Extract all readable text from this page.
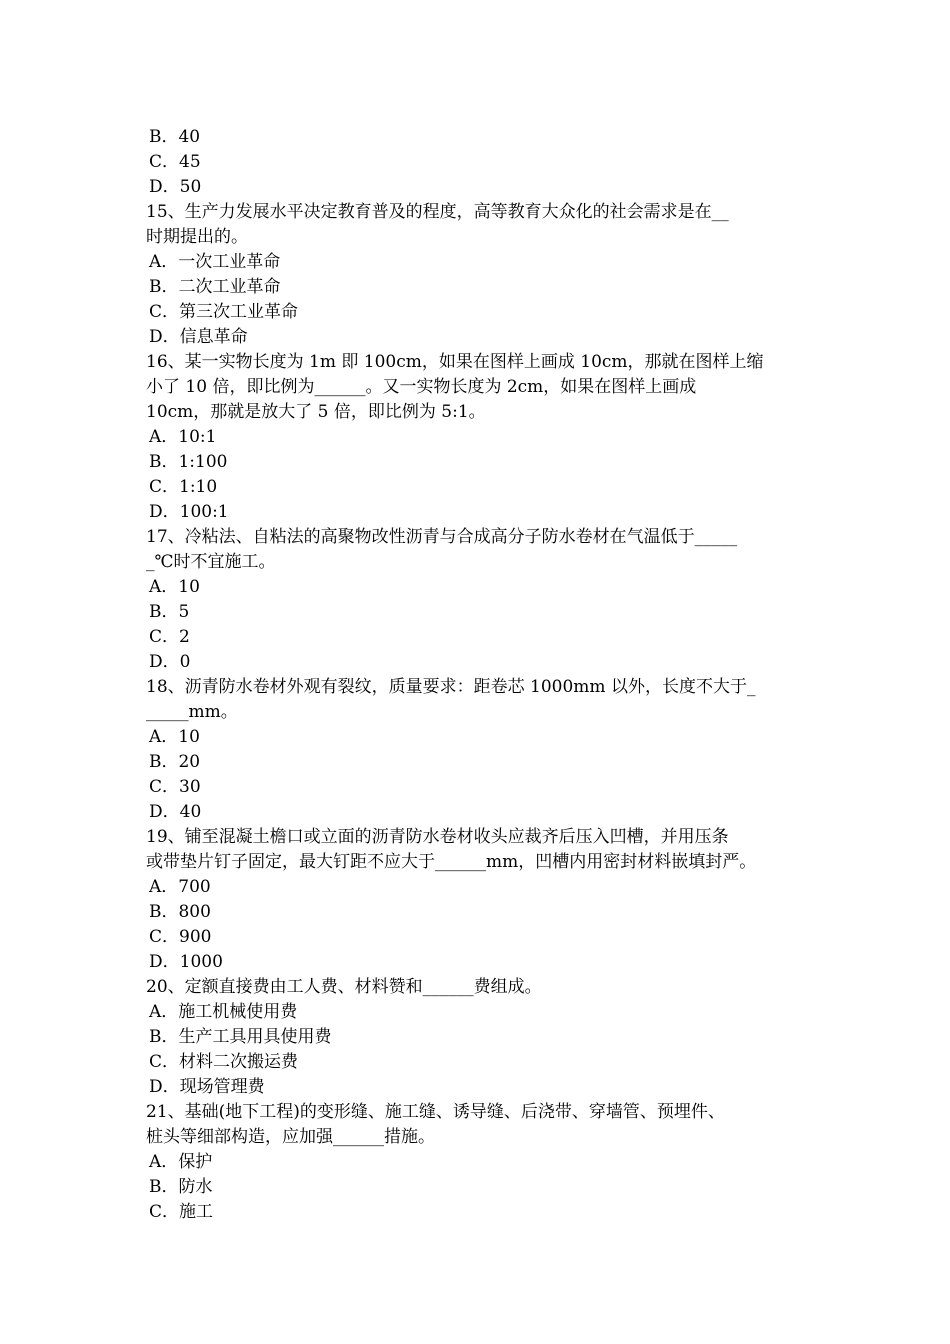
B．40
C．45
D．50
15、生产力发展水平决定教育普及的程度，高等教育大众化的社会需求是在__
时期提出的。
A．一次工业革命
B．二次工业革命
C．第三次工业革命
D．信息革命
16、某一实物长度为 1m 即 100cm，如果在图样上画成 10cm，那就在图样上缩
小了 10 倍，即比例为______。又一实物长度为 2cm，如果在图样上画成
10cm，那就是放大了 5 倍，即比例为 5:1。
A．10:1
B．1:100
C．1:10
D．100:1
17、冷粘法、自粘法的高聚物改性沥青与合成高分子防水卷材在气温低于_____
_℃时不宜施工。
A．10
B．5
C．2
D．0
18、沥青防水卷材外观有裂纹，质量要求：距卷芯 1000mm 以外，长度不大于_
_____mm。
A．10
B．20
C．30
D．40
19、铺至混凝土檐口或立面的沥青防水卷材收头应裁齐后压入凹槽，并用压条
或带垫片钉子固定，最大钉距不应大于______mm，凹槽内用密封材料嵌填封严。
A．700
B．800
C．900
D．1000
20、定额直接费由工人费、材料赞和______费组成。
A．施工机械使用费
B．生产工具用具使用费
C．材料二次搬运费
D．现场管理费
21、基础(地下工程)的变形缝、施工缝、诱导缝、后浇带、穿墙管、预埋件、
桩头等细部构造，应加强______措施。
A．保护
B．防水
C．施工
